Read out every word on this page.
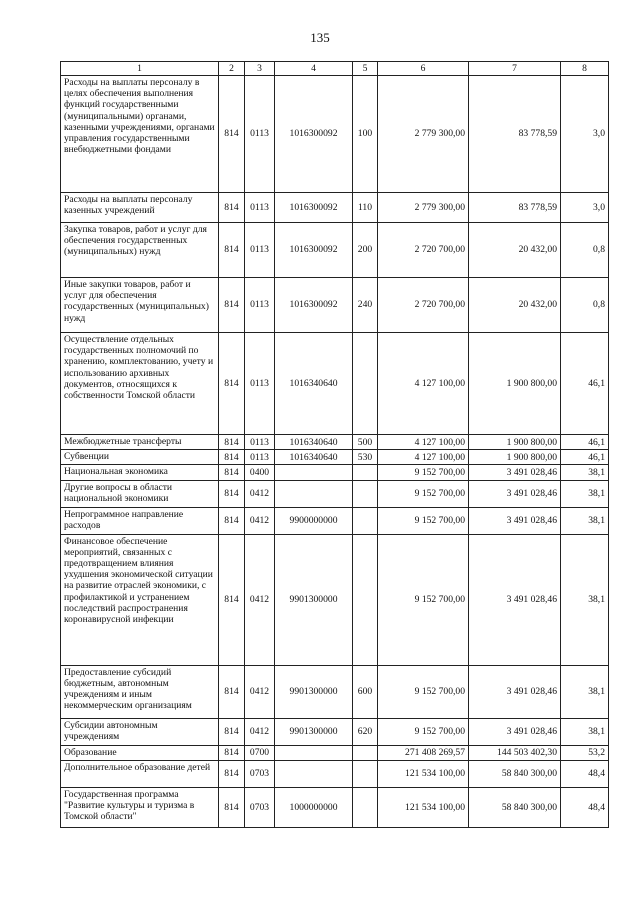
135
1	2	3	4	5	6	7	8
Расходы на выплаты персоналу в целях обеспечения выполнения функций государственными (муниципальными) органами, казенными учреждениями, органами управления государственными внебюджетными фондами	814	0113	1016300092	100	2 779 300,00	83 778,59	3,0
Расходы на выплаты персоналу казенных учреждений	814	0113	1016300092	110	2 779 300,00	83 778,59	3,0
Закупка товаров, работ и услуг для обеспечения государственных (муниципальных) нужд	814	0113	1016300092	200	2 720 700,00	20 432,00	0,8
Иные закупки товаров, работ и услуг для обеспечения государственных (муниципальных) нужд	814	0113	1016300092	240	2 720 700,00	20 432,00	0,8
Осуществление отдельных государственных полномочий по хранению, комплектованию, учету и использованию архивных документов, относящихся к собственности Томской области	814	0113	1016340640		4 127 100,00	1 900 800,00	46,1
Межбюджетные трансферты	814	0113	1016340640	500	4 127 100,00	1 900 800,00	46,1
Субвенции	814	0113	1016340640	530	4 127 100,00	1 900 800,00	46,1
Национальная экономика	814	0400			9 152 700,00	3 491 028,46	38,1
Другие вопросы в области национальной экономики	814	0412			9 152 700,00	3 491 028,46	38,1
Непрограммное направление расходов	814	0412	9900000000		9 152 700,00	3 491 028,46	38,1
Финансовое обеспечение мероприятий, связанных с предотвращением влияния ухудшения экономической ситуации на развитие отраслей экономики, с профилактикой и устранением последствий распространения коронавирусной инфекции	814	0412	9901300000		9 152 700,00	3 491 028,46	38,1
Предоставление субсидий бюджетным, автономным учреждениям и иным некоммерческим организациям	814	0412	9901300000	600	9 152 700,00	3 491 028,46	38,1
Субсидии автономным учреждениям	814	0412	9901300000	620	9 152 700,00	3 491 028,46	38,1
Образование	814	0700			271 408 269,57	144 503 402,30	53,2
Дополнительное образование детей	814	0703			121 534 100,00	58 840 300,00	48,4
Государственная программа "Развитие культуры и туризма в Томской области"	814	0703	1000000000		121 534 100,00	58 840 300,00	48,4
